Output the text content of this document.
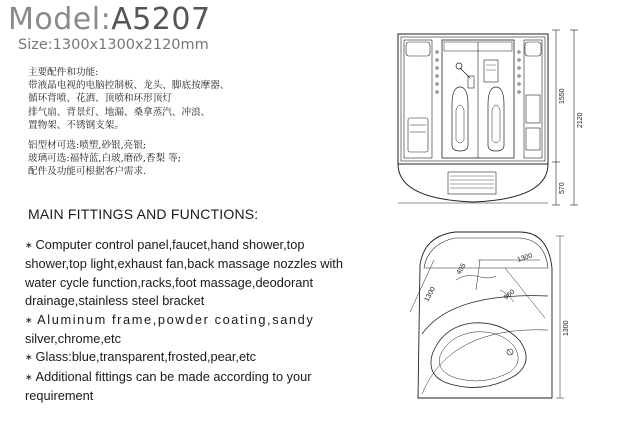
Model:A5207
Size:1300x1300x2120mm
主要配件和功能:
带液晶电视的电脑控制板、龙头、脚底按摩器、
循环背喷、花洒、顶喷和环形顶灯
排气扇、背景灯、地漏、桑拿蒸汽、冲浪、
置物架、不锈钢支架。
铝型材可选:喷塑,砂银,亮银;
玻璃可选:福特蓝,白玻,磨砂,香梨 等;
配件及功能可根据客户需求.
MAIN FITTINGS AND FUNCTIONS:
∗ Computer control panel,faucet,hand shower,top
shower,top light,exhaust fan,back massage nozzles with
water cycle function,racks,foot massage,deodorant
drainage,stainless steel bracket
∗ Aluminum frame,powder coating,sandy
silver,chrome,etc
∗ Glass:blue,transparent,frosted,pear,etc
∗ Additional fittings can be made according to your
requirement
1550
2120
570
1300
1300
405
960
1300
